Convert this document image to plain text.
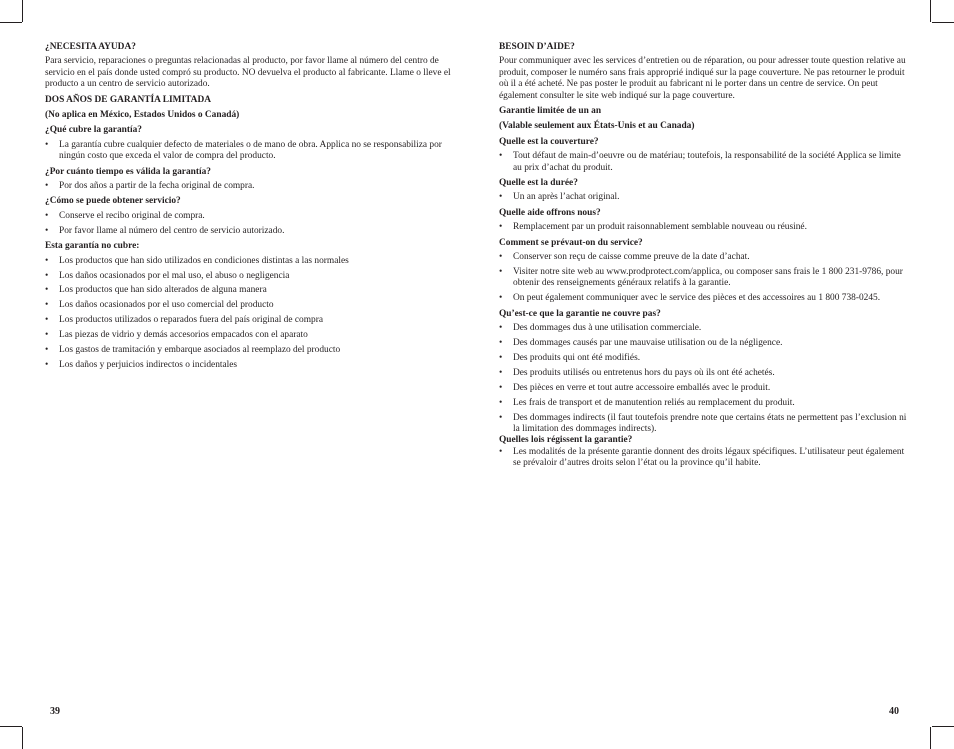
¿NECESITA AYUDA?
Para servicio, reparaciones o preguntas relacionadas al producto, por favor llame al número del centro de servicio en el país donde usted compró su producto. NO devuelva el producto al fabricante. Llame o lleve el producto a un centro de servicio autorizado.
DOS AÑOS DE GARANTÍA LIMITADA
(No aplica en México, Estados Unidos o Canadá)
¿Qué cubre la garantía?
• La garantía cubre cualquier defecto de materiales o de mano de obra. Applica no se responsabiliza por ningún costo que exceda el valor de compra del producto.
¿Por cuánto tiempo es válida la garantía?
• Por dos años a partir de la fecha original de compra.
¿Cómo se puede obtener servicio?
• Conserve el recibo original de compra.
• Por favor llame al número del centro de servicio autorizado.
Esta garantía no cubre:
• Los productos que han sido utilizados en condiciones distintas a las normales
• Los daños ocasionados por el mal uso, el abuso o negligencia
• Los productos que han sido alterados de alguna manera
• Los daños ocasionados por el uso comercial del producto
• Los productos utilizados o reparados fuera del país original de compra
• Las piezas de vidrio y demás accesorios empacados con el aparato
• Los gastos de tramitación y embarque asociados al reemplazo del producto
• Los daños y perjuicios indirectos o incidentales
BESOIN D’AIDE?
Pour communiquer avec les services d’entretien ou de réparation, ou pour adresser toute question relative au produit, composer le numéro sans frais approprié indiqué sur la page couverture. Ne pas retourner le produit où il a été acheté. Ne pas poster le produit au fabricant ni le porter dans un centre de service. On peut également consulter le site web indiqué sur la page couverture.
Garantie limitée de un an
(Valable seulement aux États-Unis et au Canada)
Quelle est la couverture?
• Tout défaut de main-d’oeuvre ou de matériau; toutefois, la responsabilité de la société Applica se limite au prix d’achat du produit.
Quelle est la durée?
• Un an après l’achat original.
Quelle aide offrons nous?
• Remplacement par un produit raisonnablement semblable nouveau ou réusiné.
Comment se prévaut-on du service?
• Conserver son reçu de caisse comme preuve de la date d’achat.
• Visiter notre site web au www.prodprotect.com/applica, ou composer sans frais le 1 800 231-9786, pour obtenir des renseignements généraux relatifs à la garantie.
• On peut également communiquer avec le service des pièces et des accessoires au 1 800 738-0245.
Qu’est-ce que la garantie ne couvre pas?
• Des dommages dus à une utilisation commerciale.
• Des dommages causés par une mauvaise utilisation ou de la négligence.
• Des produits qui ont été modifiés.
• Des produits utilisés ou entretenus hors du pays où ils ont été achetés.
• Des pièces en verre et tout autre accessoire emballés avec le produit.
• Les frais de transport et de manutention reliés au remplacement du produit.
• Des dommages indirects (il faut toutefois prendre note que certains états ne permettent pas l’exclusion ni la limitation des dommages indirects).
Quelles lois régissent la garantie?
• Les modalités de la présente garantie donnent des droits légaux spécifiques. L’utilisateur peut également se prévaloir d’autres droits selon l’état ou la province qu’il habite.
39	40
